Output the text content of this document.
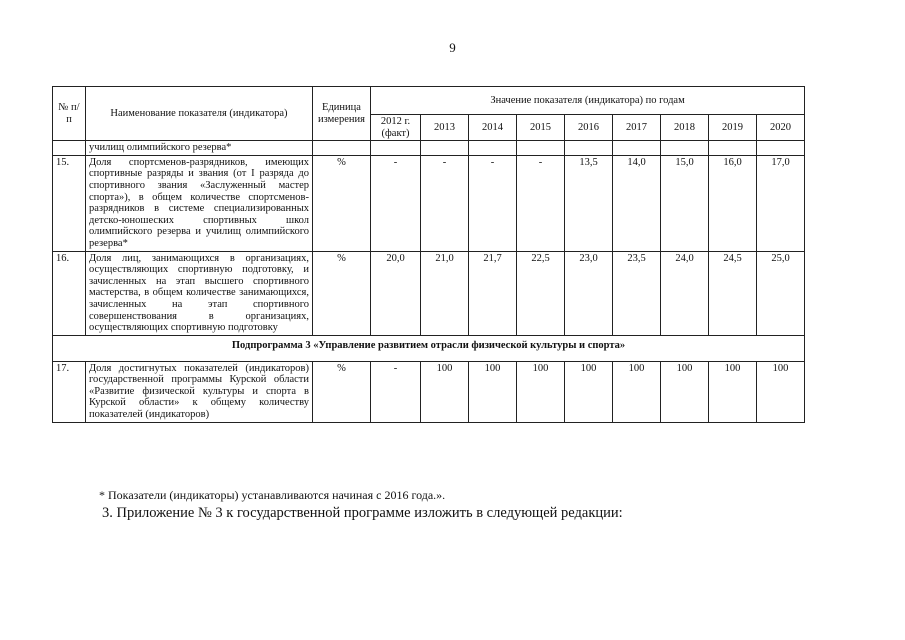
9
№ п/п	Наименование показателя (индикатора)	Единица измерения	Значение показателя (индикатора) по годам								
			2012 г. (факт)	2013	2014	2015	2016	2017	2018	2019	2020
	училищ олимпийского резерва*										
15.	Доля спортсменов-разрядников, имеющих спортивные разряды и звания (от I разряда до спортивного звания «Заслуженный мастер спорта»), в общем количестве спортсменов-разрядников в системе специализированных детско-юношеских спортивных школ олимпийского резерва и училищ олимпийского резерва*	%	-	-	-	-	13,5	14,0	15,0	16,0	17,0
16.	Доля лиц, занимающихся в организациях, осуществляющих спортивную подготовку, и зачисленных на этап высшего спортивного мастерства, в общем количестве занимающихся, зачисленных на этап спортивного совершенствования в организациях, осуществляющих спортивную подготовку	%	20,0	21,0	21,7	22,5	23,0	23,5	24,0	24,5	25,0
Подпрограмма 3 «Управление развитием отрасли физической культуры и спорта»											
17.	Доля достигнутых показателей (индикаторов) государственной программы Курской области «Развитие физической культуры и спорта в Курской области» к общему количеству показателей (индикаторов)	%	-	100	100	100	100	100	100	100	100
* Показатели (индикаторы) устанавливаются начиная с 2016 года.».
3. Приложение № 3 к государственной программе изложить в следующей редакции:
